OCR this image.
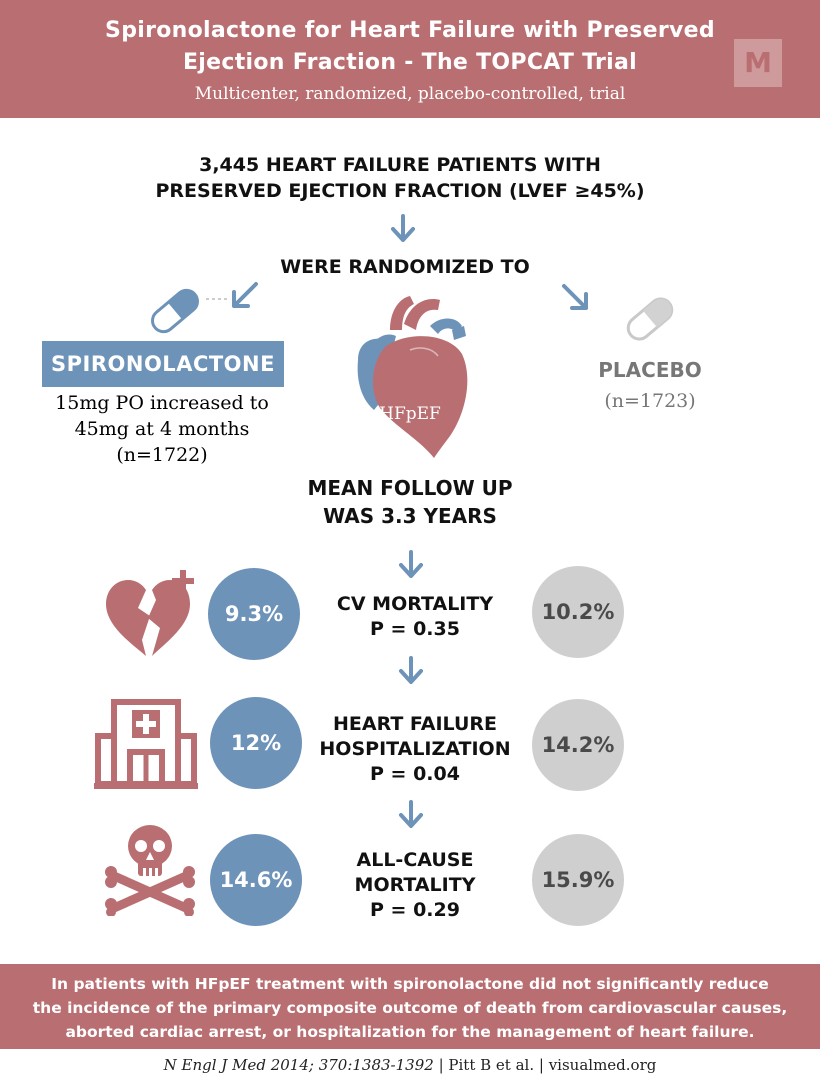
Spironolactone for Heart Failure with Preserved
Ejection Fraction - The TOPCAT Trial
Multicenter, randomized, placebo-controlled, trial
M
3,445 HEART FAILURE PATIENTS WITH
PRESERVED EJECTION FRACTION (LVEF ≥45%)
WERE RANDOMIZED TO
SPIRONOLACTONE
15mg PO increased to
45mg at 4 months
(n=1722)
HFpEF
PLACEBO
(n=1723)
MEAN FOLLOW UP
WAS 3.3 YEARS
9.3%	CV MORTALITY
P = 0.35
10.2%
12%
HEART FAILURE
HOSPITALIZATION
P = 0.04
14.2%
14.6%
ALL-CAUSE
MORTALITY
P = 0.29
15.9%
In patients with HFpEF treatment with spironolactone did not significantly reduce
the incidence of the primary composite outcome of death from cardiovascular causes,
aborted cardiac arrest, or hospitalization for the management of heart failure.
N Engl J Med 2014; 370:1383-1392 | Pitt B et al. | visualmed.org
